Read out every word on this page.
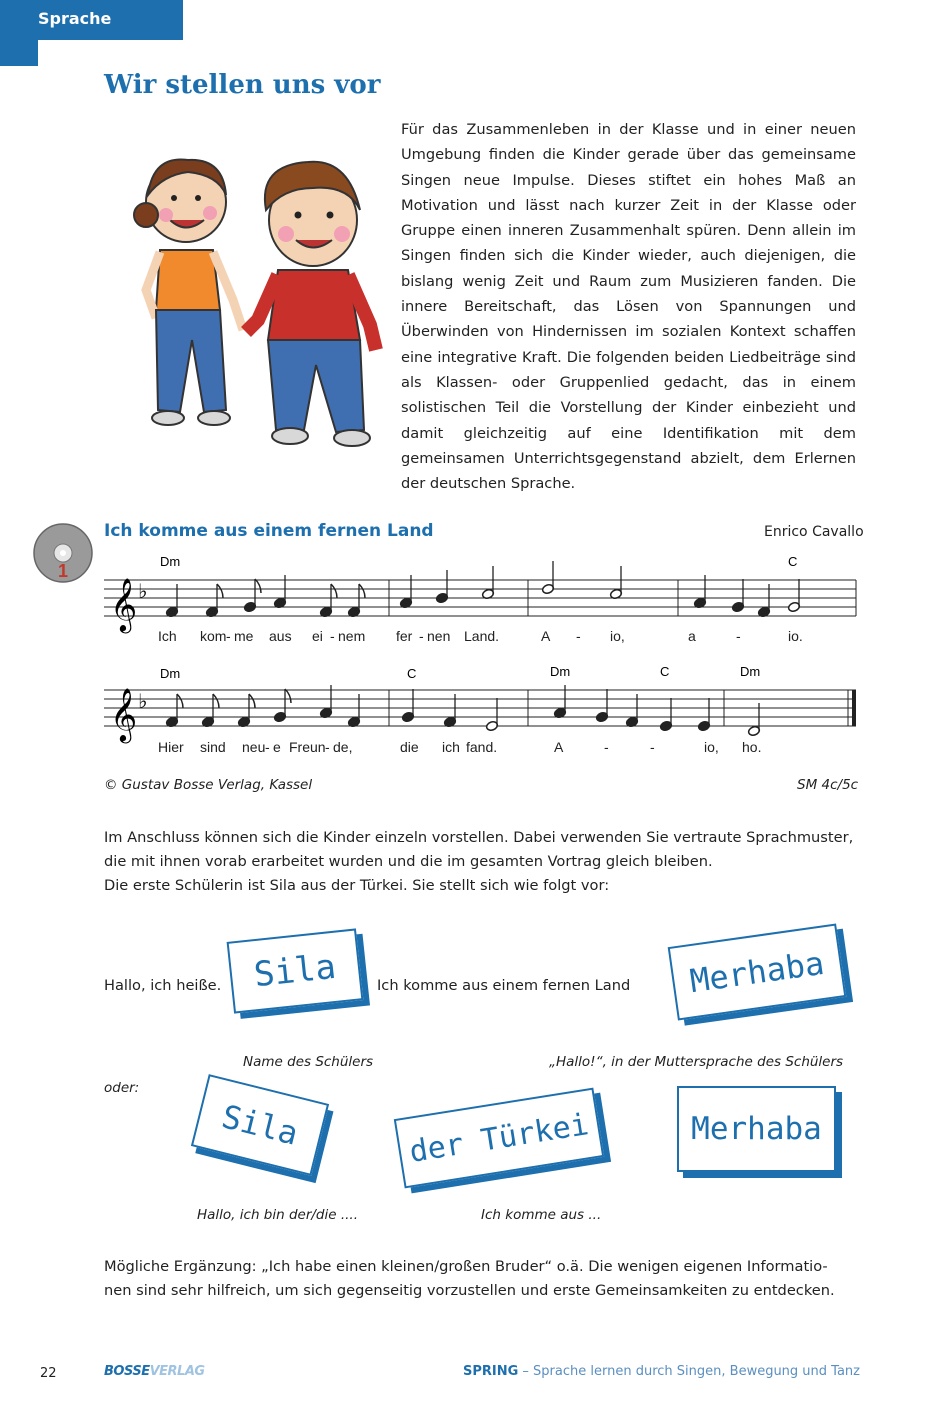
Sprache
Wir stellen uns vor
Für das Zusammenleben in der Klasse und in einer neuen Umgebung finden die Kinder gerade über das gemeinsame Singen neue Impulse. Dieses stiftet ein hohes Maß an Motivation und lässt nach kurzer Zeit in der Klasse oder Gruppe einen inneren Zusammenhalt spüren. Denn allein im Singen finden sich die Kinder wieder, auch diejenigen, die bislang wenig Zeit und Raum zum Musizieren fanden. Die innere Bereitschaft, das Lösen von Spannungen und Überwinden von Hindernissen im sozialen Kontext schaffen eine integrative Kraft. Die folgenden beiden Liedbeiträge sind als Klassen- oder Gruppenlied gedacht, das in einem solistischen Teil die Vorstellung der Kinder einbezieht und damit gleichzeitig auf eine Identifikation mit dem gemeinsamen Unterrichtsgegenstand abzielt, dem Erlernen der deutschen Sprache.
1
Ich komme aus einem fernen Land	Enrico Cavallo
Dm	C
𝄞 ♭
Ich kom - me aus ei - nem fer - nen Land.	A - io,	a	-	io.
Dm	C	Dm	C	Dm
𝄞 ♭
Hier sind neu - e Freun - de,	die ich fand.	A	-	-	io, ho.
© Gustav Bosse Verlag, Kassel	SM 4c/5c
Im Anschluss können sich die Kinder einzeln vorstellen. Dabei verwenden Sie vertraute Sprachmuster,
die mit ihnen vorab erarbeitet wurden und die im gesamten Vortrag gleich bleiben.
Die erste Schülerin ist Sila aus der Türkei. Sie stellt sich wie folgt vor:
Hallo, ich heiße. Sila	Ich komme aus einem fernen Land	Merhaba
Name des Schülers	„Hallo!“, in der Muttersprache des Schülers
oder:
Sila	der Türkei	Merhaba
Hallo, ich bin der/die ....	Ich komme aus ...
Mögliche Ergänzung: „Ich habe einen kleinen/großen Bruder“ o.ä. Die wenigen eigenen Informatio-
nen sind sehr hilfreich, um sich gegenseitig vorzustellen und erste Gemeinsamkeiten zu entdecken.
22	BOSSEVERLAG	SPRING – Sprache lernen durch Singen, Bewegung und Tanz
